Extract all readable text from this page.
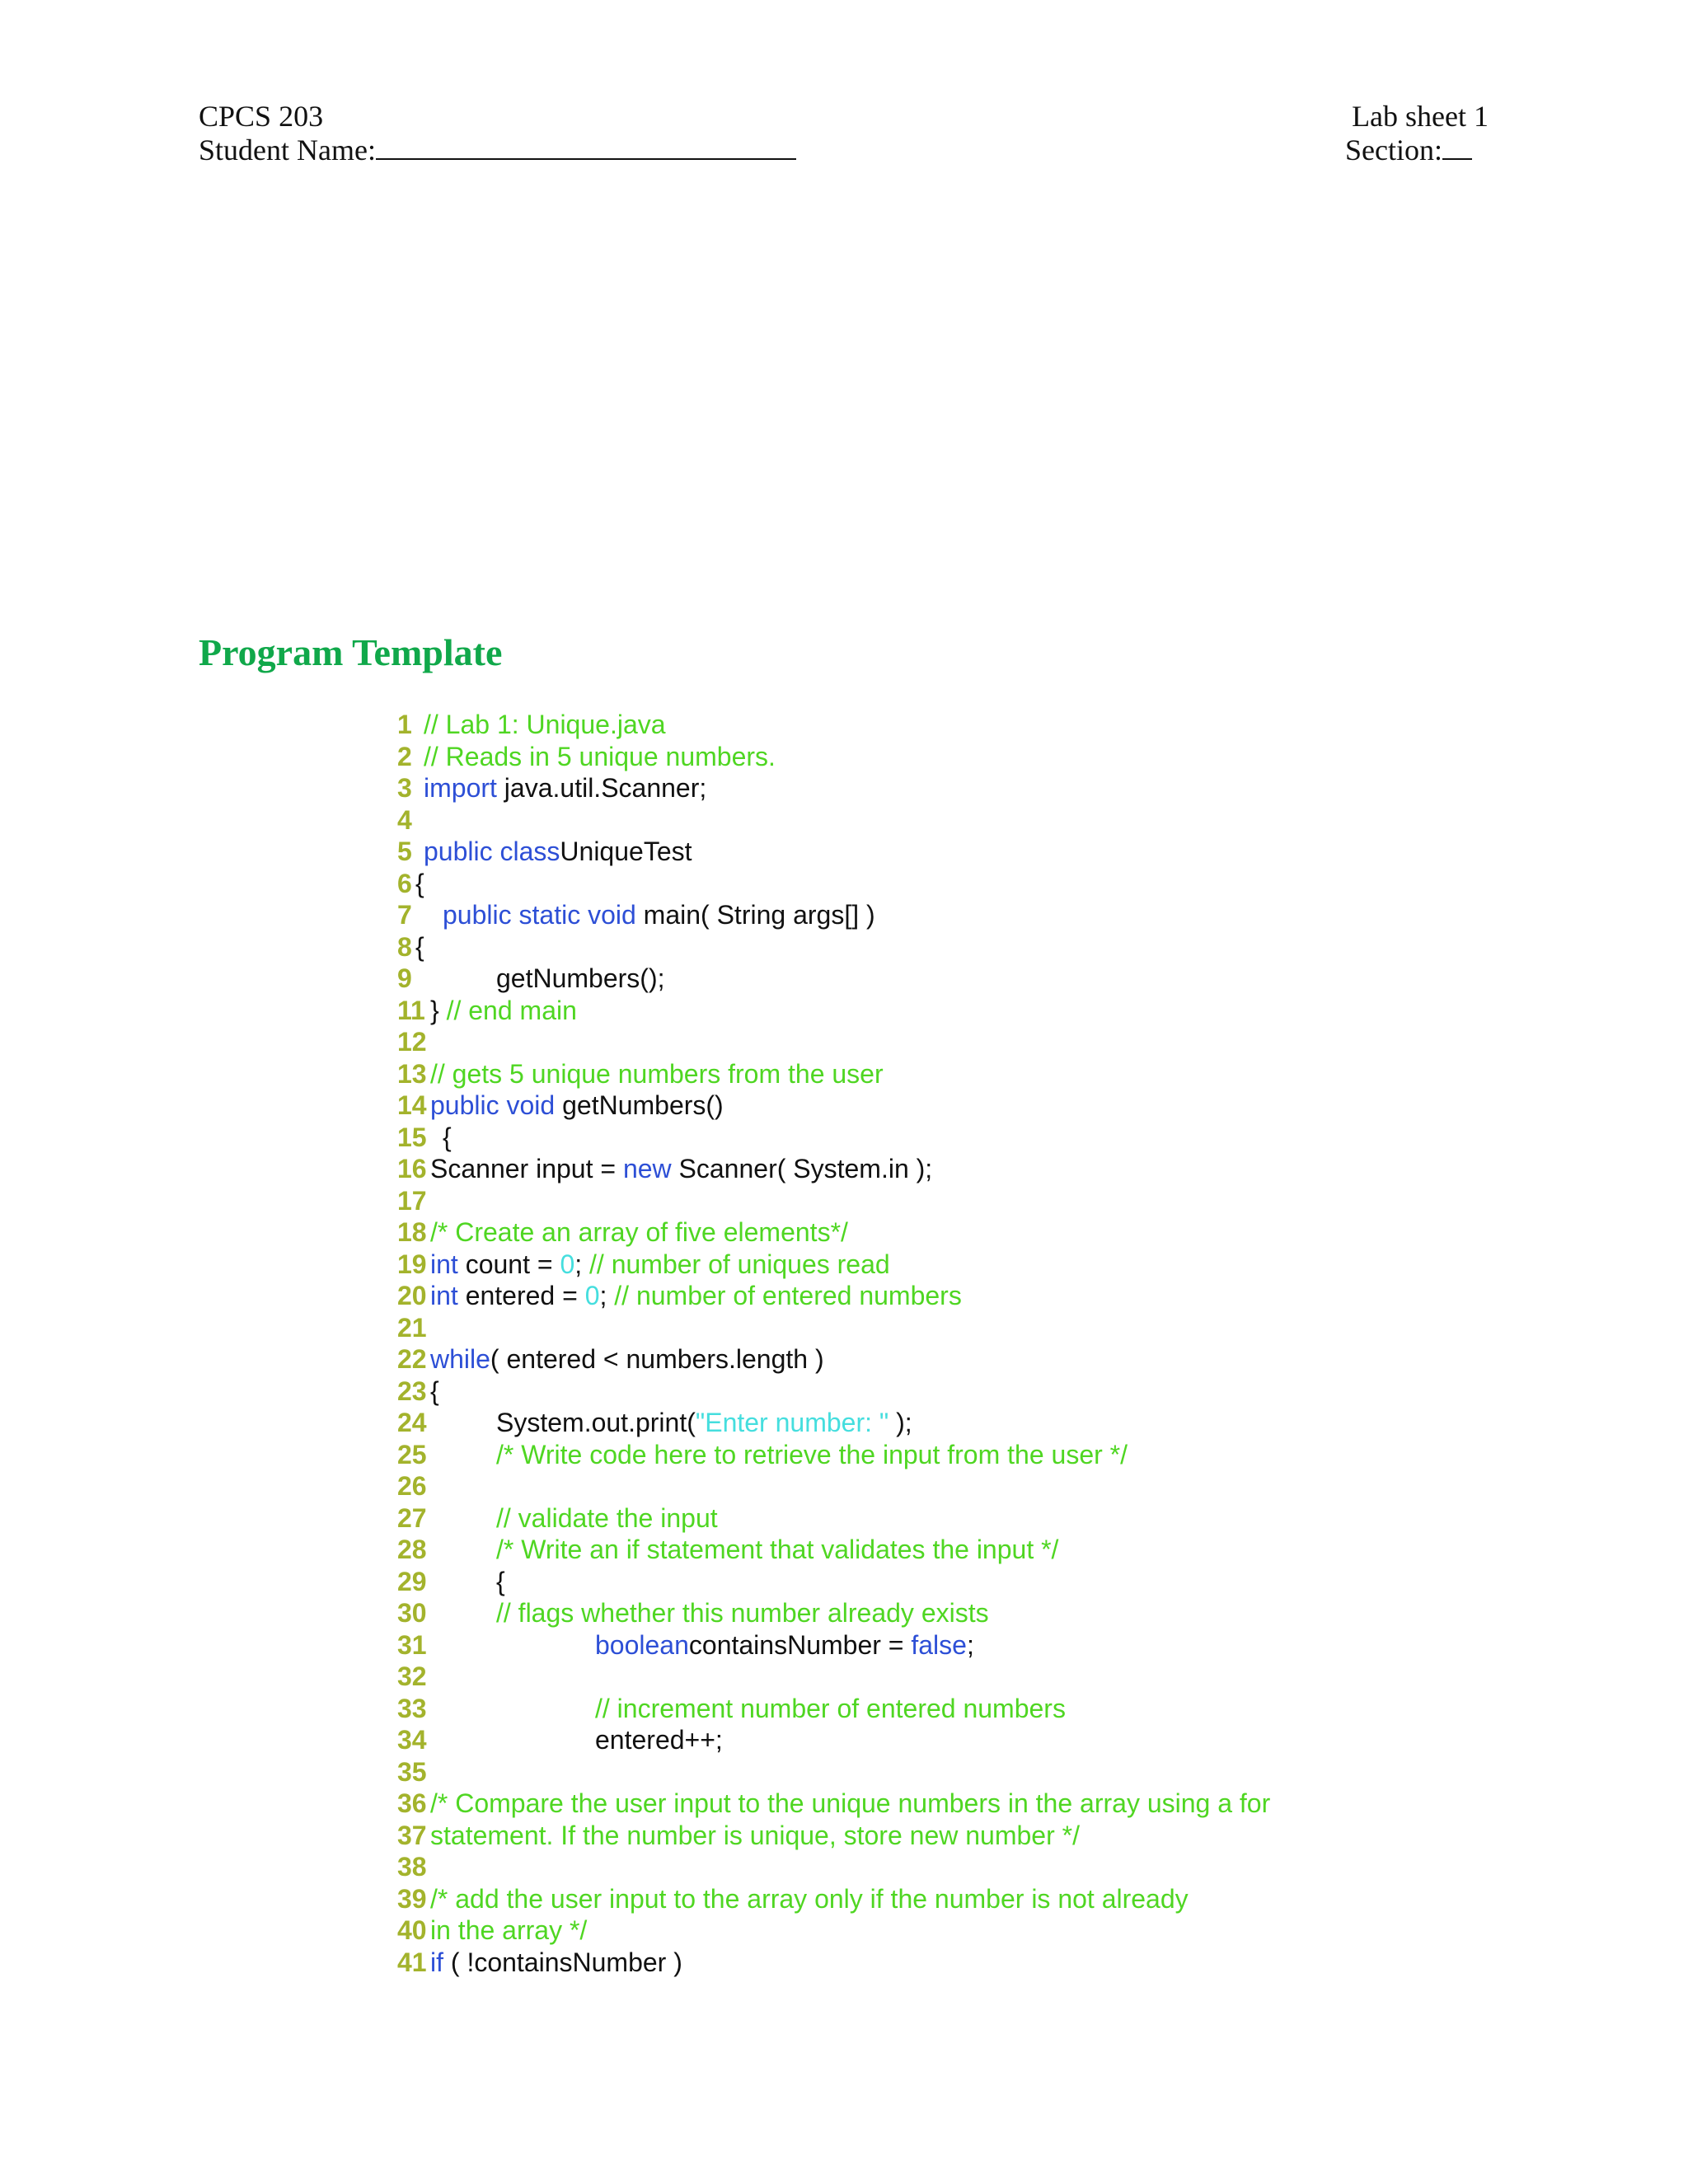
CPCS 203
Student Name:
Lab sheet 1
Section:
Program Template
1 // Lab 1: Unique.java
2 // Reads in 5 unique numbers.
3 import java.util.Scanner;
4
5 public classUniqueTest
6 {
7 public static void main( String args[] )
8 {
9	getNumbers();
11 } // end main
12
13 // gets 5 unique numbers from the user
14 public void getNumbers()
15 {
16 Scanner input = new Scanner( System.in );
17
18 /* Create an array of five elements*/
19 int count = 0; // number of uniques read
20 int entered = 0; // number of entered numbers
21
22 while( entered < numbers.length )
23 {
24	System.out.print("Enter number: " );
25	/* Write code here to retrieve the input from the user */
26
27	// validate the input
28	/* Write an if statement that validates the input */
29	{
30	// flags whether this number already exists
31	booleancontainsNumber = false;
32
33	// increment number of entered numbers
34	entered++;
35
36 /* Compare the user input to the unique numbers in the array using a for
37 statement. If the number is unique, store new number */
38
39 /* add the user input to the array only if the number is not already
40 in the array */
41 if ( !containsNumber )
